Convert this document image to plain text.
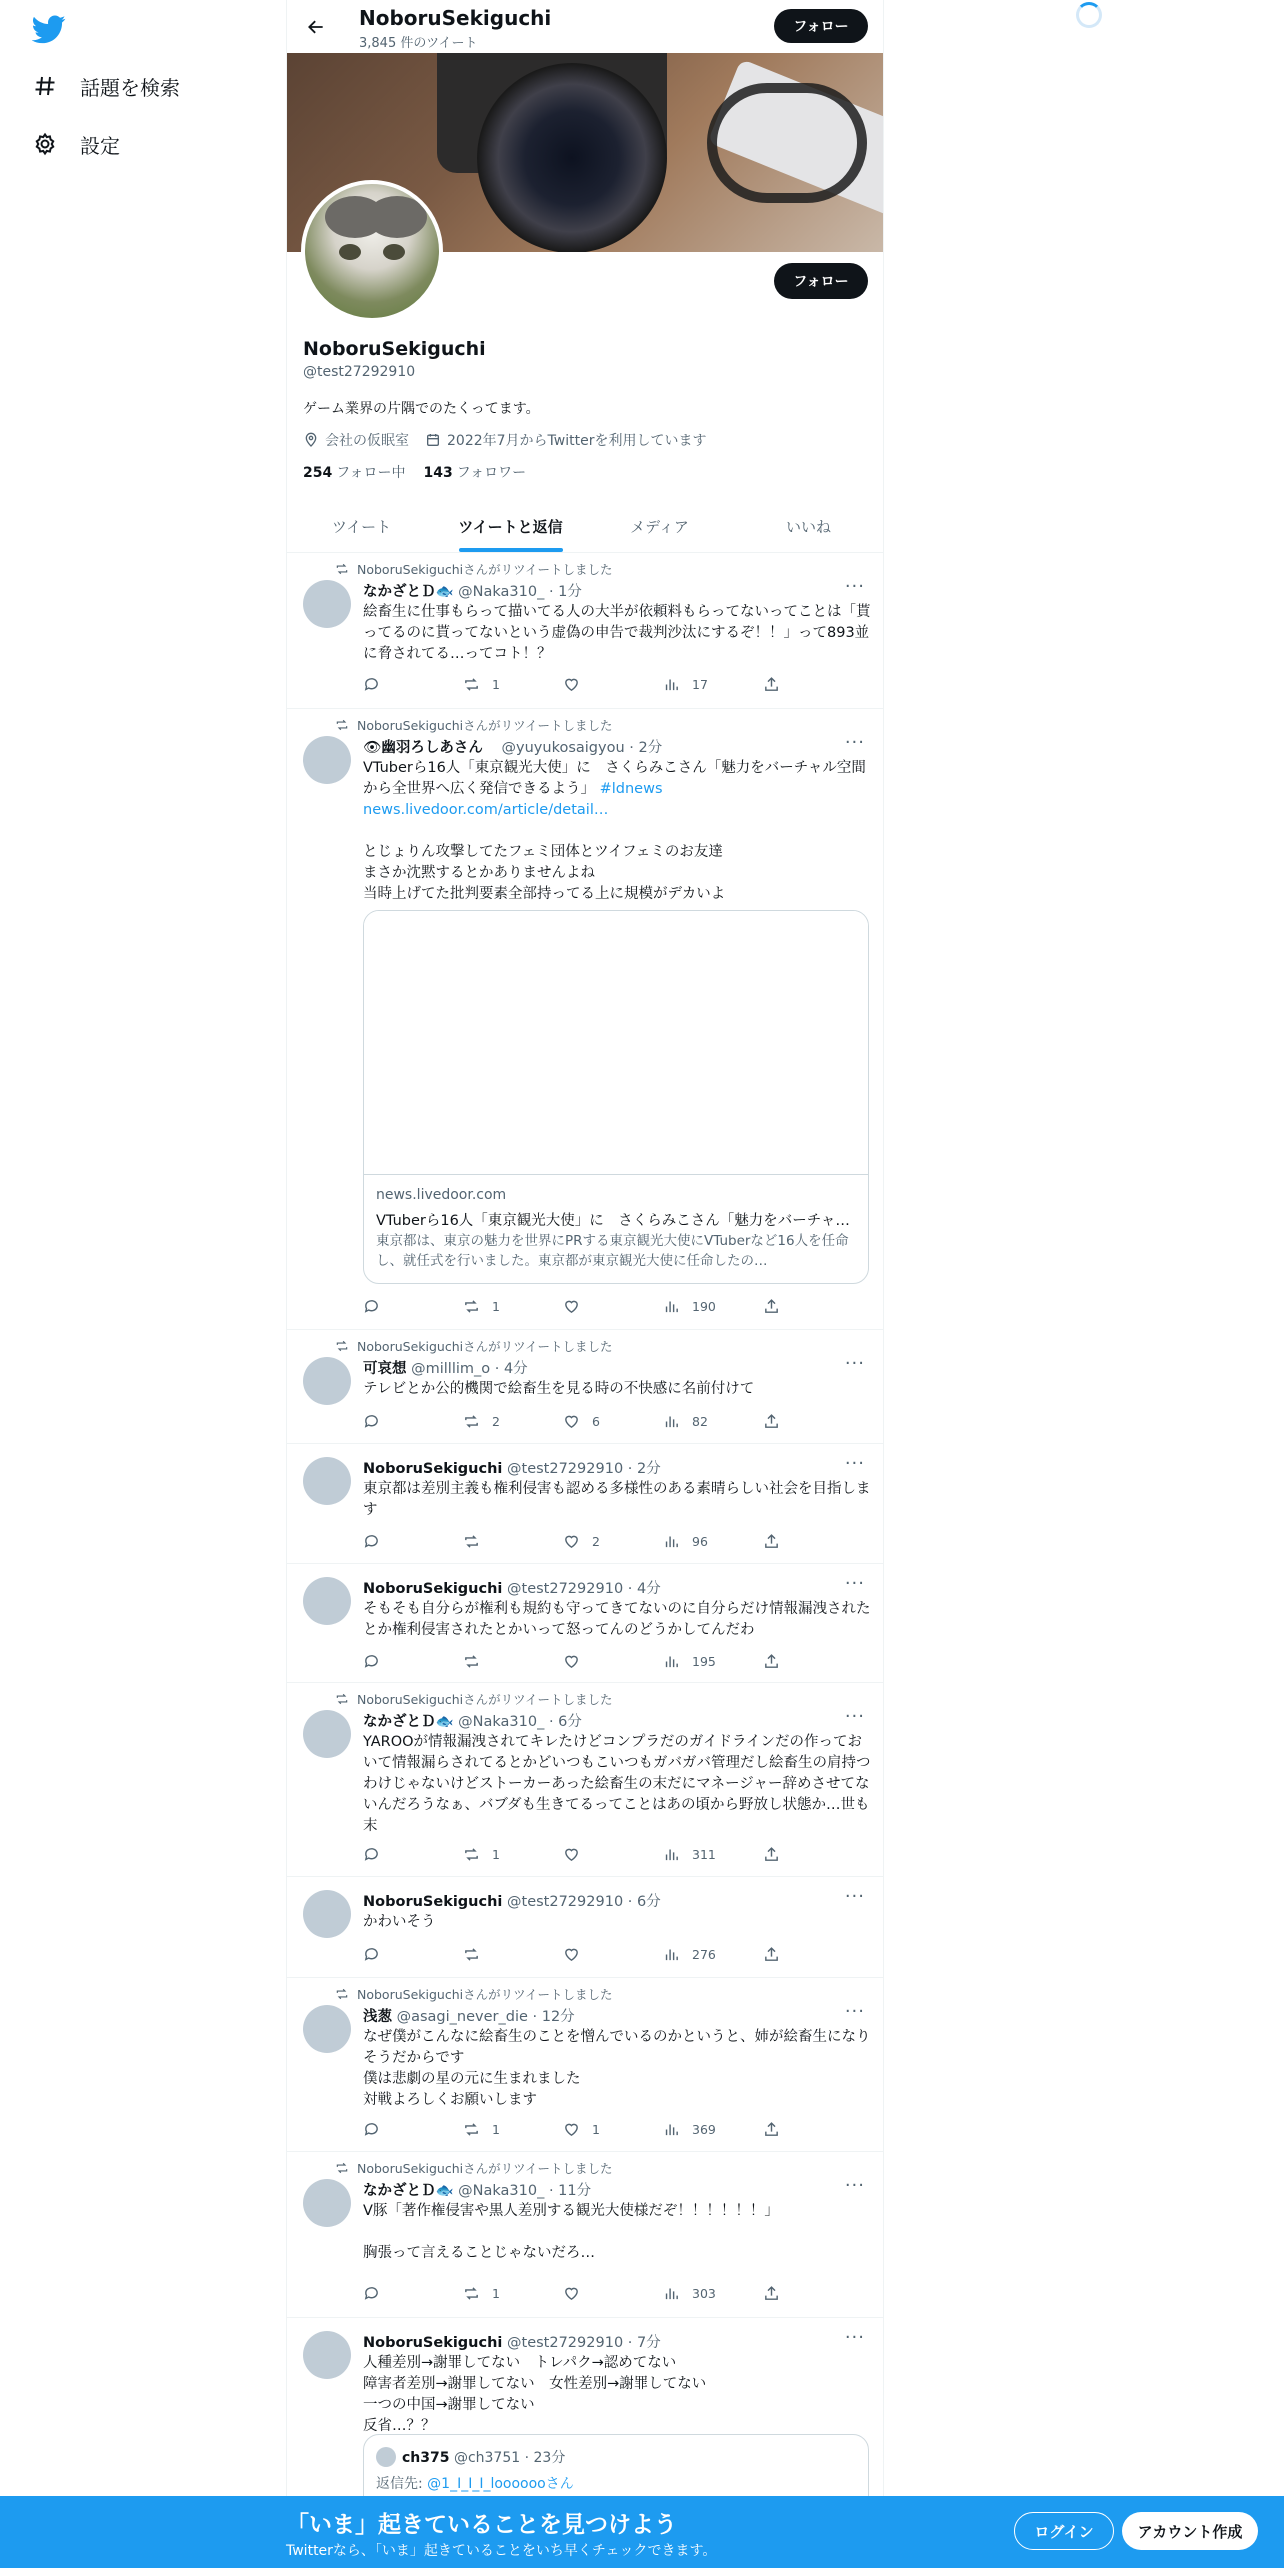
話題を検索
設定
NoboruSekiguchi
3,845 件のツイート
フォロー
フォロー
NoboruSekiguchi
@test27292910
ゲーム業界の片隅でのたくってます。
会社の仮眠室	2022年7月からTwitterを利用しています
254 フォロー中 143 フォロワー
ツイート	ツイートと返信	メディア	いいね
NoboruSekiguchiさんがリツイートしました
なかざとＤ🐟 @Naka310_ · 1分	···
絵畜生に仕事もらって描いてる人の大半が依頼料もらってないってことは「貰ってるのに貰ってないという虚偽の申告で裁判沙汰にするぞ！！」って893並に脅されてる…ってコト！？
1	17
NoboruSekiguchiさんがリツイートしました
👁幽羽ろしあさん @yuyukosaigyou · 2分	···
VTuberら16人「東京観光大使」に　さくらみこさん「魅力をバーチャル空間から全世界へ広く発信できるよう」 #ldnews
news.livedoor.com/article/detail…

とじょりん攻撃してたフェミ団体とツイフェミのお友達
まさか沈黙するとかありませんよね
当時上げてた批判要素全部持ってる上に規模がデカいよ
news.livedoor.com
VTuberら16人「東京観光大使」に　さくらみこさん「魅力をバーチャ…
東京都は、東京の魅力を世界にPRする東京観光大使にVTuberなど16人を任命し、就任式を行いました。東京都が東京観光大使に任命したの…
1	190
NoboruSekiguchiさんがリツイートしました
可哀想 @milllim_o · 4分	···
テレビとか公的機関で絵畜生を見る時の不快感に名前付けて
2	6	82
NoboruSekiguchi @test27292910 · 2分	···
東京都は差別主義も権利侵害も認める多様性のある素晴らしい社会を目指します
2	96
NoboruSekiguchi @test27292910 · 4分	···
そもそも自分らが権利も規約も守ってきてないのに自分らだけ情報漏洩されたとか権利侵害されたとかいって怒ってんのどうかしてんだわ
195
NoboruSekiguchiさんがリツイートしました
なかざとＤ🐟 @Naka310_ · 6分	···
YAROOが情報漏洩されてキレたけどコンプラだのガイドラインだの作っておいて情報漏らされてるとかどいつもこいつもガバガバ管理だし絵畜生の肩持つわけじゃないけどストーカーあった絵畜生の末だにマネージャー辞めさせてないんだろうなぁ、バブダも生きてるってことはあの頃から野放し状態か…世も末
1	311
NoboruSekiguchi @test27292910 · 6分	···
かわいそう
276
NoboruSekiguchiさんがリツイートしました
浅葱 @asagi_never_die · 12分	···
なぜ僕がこんなに絵畜生のことを憎んでいるのかというと、姉が絵畜生になりそうだからです
僕は悲劇の星の元に生まれました
対戦よろしくお願いします
1	1	369
NoboruSekiguchiさんがリツイートしました
なかざとＤ🐟 @Naka310_ · 11分	···
V豚「著作権侵害や黒人差別する観光大使様だぞ！！！！！！」

胸張って言えることじゃないだろ…
1	303
NoboruSekiguchi @test27292910 · 7分	···
人種差別→謝罪してない　トレパク→認めてない
障害者差別→謝罪してない　女性差別→謝罪してない
一つの中国→謝罪してない
反省…？？
ch375 @ch3751 · 23分
返信先: @1_I_I_I_looooooさん
「いま」起きていることを見つけよう
Twitterなら、「いま」起きていることをいち早くチェックできます。
ログイン	アカウント作成
